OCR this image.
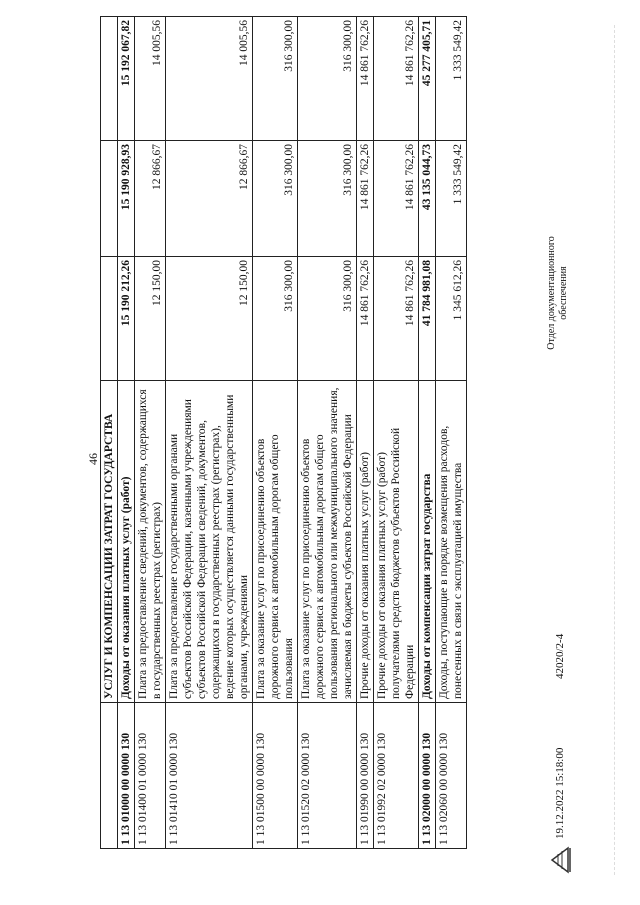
46
	УСЛУГ И КОМПЕНСАЦИИ ЗАТРАТ ГОСУДАРСТВА			
1 13 01000 00 0000 130	Доходы от оказания платных услуг (работ)	15 190 212,26	15 190 928,93	15 192 067,82
1 13 01400 01 0000 130	Плата за предоставление сведений, документов, содержащихся в государственных реестрах (регистрах)	12 150,00	12 866,67	14 005,56
1 13 01410 01 0000 130	Плата за предоставление государственными органами субъектов Российской Федерации, казенными учреждениями субъектов Российской Федерации сведений, документов, содержащихся в государственных реестрах (регистрах), ведение которых осуществляется данными государственными органами, учреждениями	12 150,00	12 866,67	14 005,56
1 13 01500 00 0000 130	Плата за оказание услуг по присоединению объектов дорожного сервиса к автомобильным дорогам общего пользования	316 300,00	316 300,00	316 300,00
1 13 01520 02 0000 130	Плата за оказание услуг по присоединению объектов дорожного сервиса к автомобильным дорогам общего пользования регионального или межмуниципального значения, зачисляемая в бюджеты субъектов Российской Федерации	316 300,00	316 300,00	316 300,00
1 13 01990 00 0000 130	Прочие доходы от оказания платных услуг (работ)	14 861 762,26	14 861 762,26	14 861 762,26
1 13 01992 02 0000 130	Прочие доходы от оказания платных услуг (работ) получателями средств бюджетов субъектов Российской Федерации	14 861 762,26	14 861 762,26	14 861 762,26
1 13 02000 00 0000 130	Доходы от компенсации затрат государства	41 784 981,08	43 135 044,73	45 277 405,71
1 13 02060 00 0000 130	Доходы, поступающие в порядке возмещения расходов, понесенных в связи с эксплуатацией имущества	1 345 612,26	1 333 549,42	1 333 549,42
19.12.2022 15:18:00
42020/2-4
Отдел документационного обеспечения
